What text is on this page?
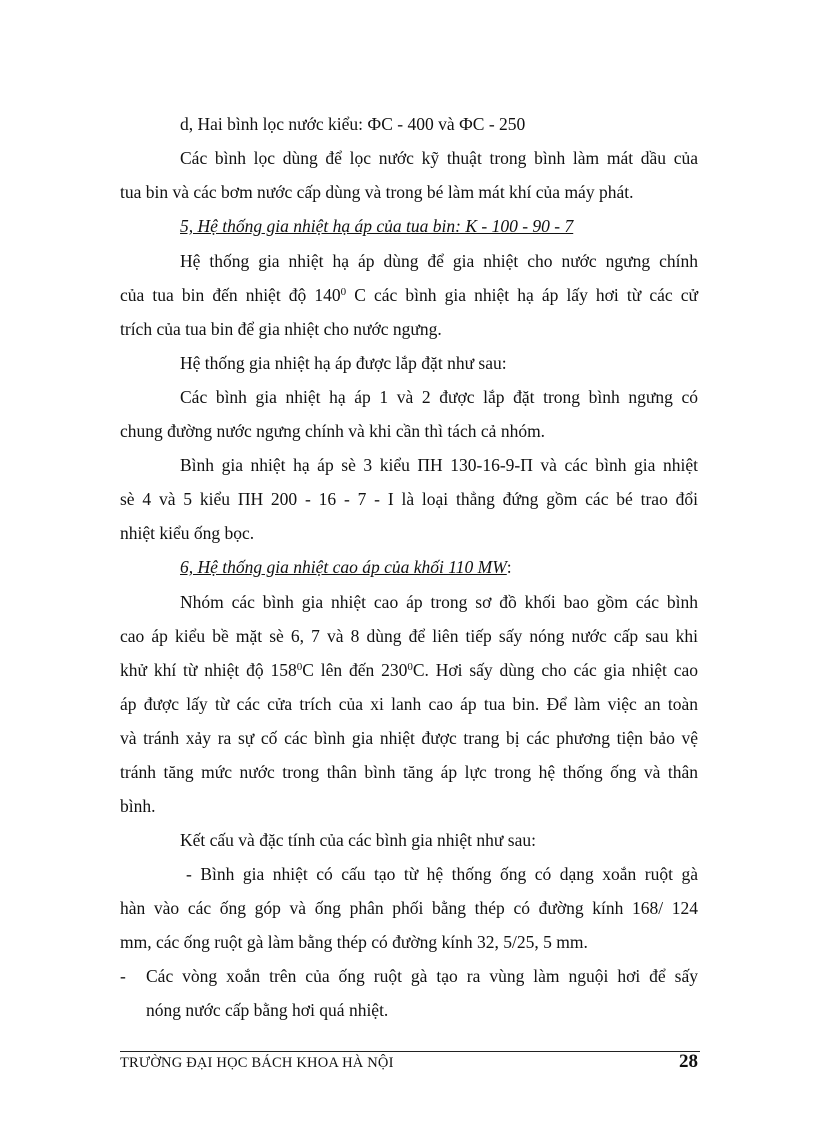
d, Hai bình lọc nước kiểu: ФС - 400 và ФС - 250
Các bình lọc dùng để lọc nước kỹ thuật trong bình làm mát dầu của
tua bin và các bơm nước cấp dùng và trong bé làm mát khí của máy phát.
5, Hệ thống gia nhiệt hạ áp của tua bin: K - 100 - 90 - 7
Hệ thống gia nhiệt hạ áp dùng để gia nhiệt cho nước ngưng chính
của tua bin đến nhiệt độ $140^0$ C các bình gia nhiệt hạ áp lấy hơi từ các cử
trích của tua bin để gia nhiệt cho nước ngưng.
Hệ thống gia nhiệt hạ áp được lắp đặt như sau:
Các bình gia nhiệt hạ áp 1 và 2 được lắp đặt trong bình ngưng có
chung đường nước ngưng chính và khi cần thì tách cả nhóm.
Bình gia nhiệt hạ áp sè 3 kiểu ПН 130-16-9-П và các bình gia nhiệt
sè 4 và 5 kiểu ПН 200 - 16 - 7 - I là loại thẳng đứng gồm các bé trao đổi
nhiệt kiểu ống bọc.
6, Hệ thống gia nhiệt cao áp của khối 110 MW:
Nhóm các bình gia nhiệt cao áp trong sơ đồ khối bao gồm các bình
cao áp kiểu bề mặt sè 6, 7 và 8 dùng để liên tiếp sấy nóng nước cấp sau khi
khử khí từ nhiệt độ $158^0C$ lên đến $230^0C$. Hơi sấy dùng cho các gia nhiệt cao
áp được lấy từ các cửa trích của xi lanh cao áp tua bin. Để làm việc an toàn
và tránh xảy ra sự cố các bình gia nhiệt được trang bị các phương tiện bảo vệ
tránh tăng mức nước trong thân bình tăng áp lực trong hệ thống ống và thân
bình.
Kết cấu và đặc tính của các bình gia nhiệt như sau:
- Bình gia nhiệt có cấu tạo từ hệ thống ống có dạng xoắn ruột gà
hàn vào các ống góp và ống phân phối bằng thép có đường kính 168/ 124
mm, các ống ruột gà làm bằng thép có đường kính 32, 5/25, 5 mm.
- Các vòng xoắn trên của ống ruột gà tạo ra vùng làm nguội hơi để sấy
nóng nước cấp bằng hơi quá nhiệt.
TRƯỜNG ĐẠI HỌC BÁCH KHOA HÀ NỘI	28
